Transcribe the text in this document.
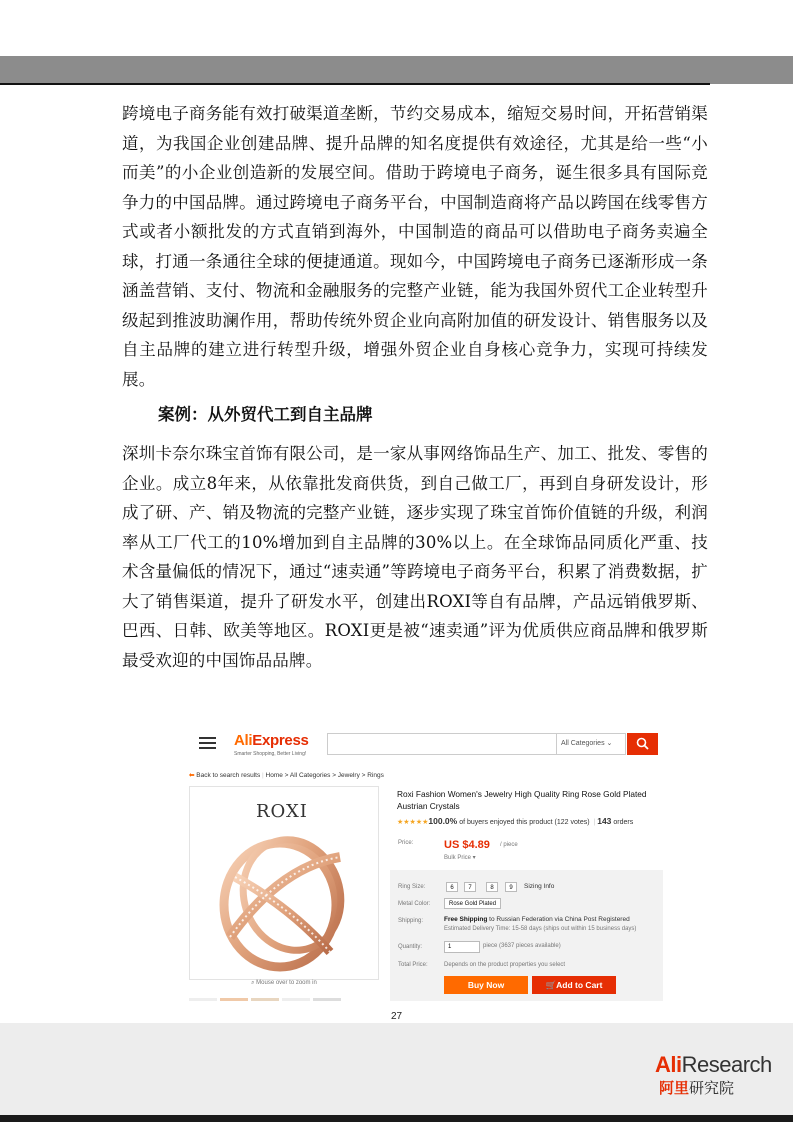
跨境电子商务能有效打破渠道垄断，节约交易成本，缩短交易时间，开拓营销渠道，为我国企业创建品牌、提升品牌的知名度提供有效途径，尤其是给一些“小而美”的小企业创造新的发展空间。借助于跨境电子商务，诞生很多具有国际竞争力的中国品牌。通过跨境电子商务平台，中国制造商将产品以跨国在线零售方式或者小额批发的方式直销到海外，中国制造的商品可以借助电子商务卖遍全球，打通一条通往全球的便捷通道。现如今，中国跨境电子商务已逐渐形成一条涵盖营销、支付、物流和金融服务的完整产业链，能为我国外贸代工企业转型升级起到推波助澜作用，帮助传统外贸企业向高附加值的研发设计、销售服务以及自主品牌的建立进行转型升级，增强外贸企业自身核心竞争力，实现可持续发展。

案例：从外贸代工到自主品牌

深圳卡奈尔珠宝首饰有限公司，是一家从事网络饰品生产、加工、批发、零售的企业。成立8年来，从依靠批发商供货，到自己做工厂，再到自身研发设计，形成了研、产、销及物流的完整产业链，逐步实现了珠宝首饰价值链的升级，利润率从工厂代工的10%增加到自主品牌的30%以上。在全球饰品同质化严重、技术含量偏低的情况下，通过“速卖通”等跨境电子商务平台，积累了消费数据，扩大了销售渠道，提升了研发水平，创建出ROXI等自有品牌，产品远销俄罗斯、巴西、日韩、欧美等地区。ROXI更是被“速卖通”评为优质供应商品牌和俄罗斯最受欢迎的中国饰品品牌。

AliExpress
Smarter Shopping, Better Living!
All Categories ⌄
⬅ Back to search results | Home > All Categories > Jewelry > Rings
ROXI
⌕ Mouse over to zoom in
Roxi Fashion Women's Jewelry High Quality Ring Rose Gold Plated Austrian Crystals
★★★★★100.0% of buyers enjoyed this product (122 votes)  | 143 orders
Price:	US $4.89 / piece
Bulk Price ▾
Ring Size:	6	7	8	9	Sizing Info
Metal Color:	Rose Gold Plated
Shipping:	Free Shipping to Russian Federation via China Post Registered
Estimated Delivery Time: 15-58 days (ships out within 15 business days)
Quantity:	1	piece (3637 pieces available)
Total Price:	Depends on the product properties you select
Buy Now	🛒Add to Cart
27
AliResearch
阿里研究院
